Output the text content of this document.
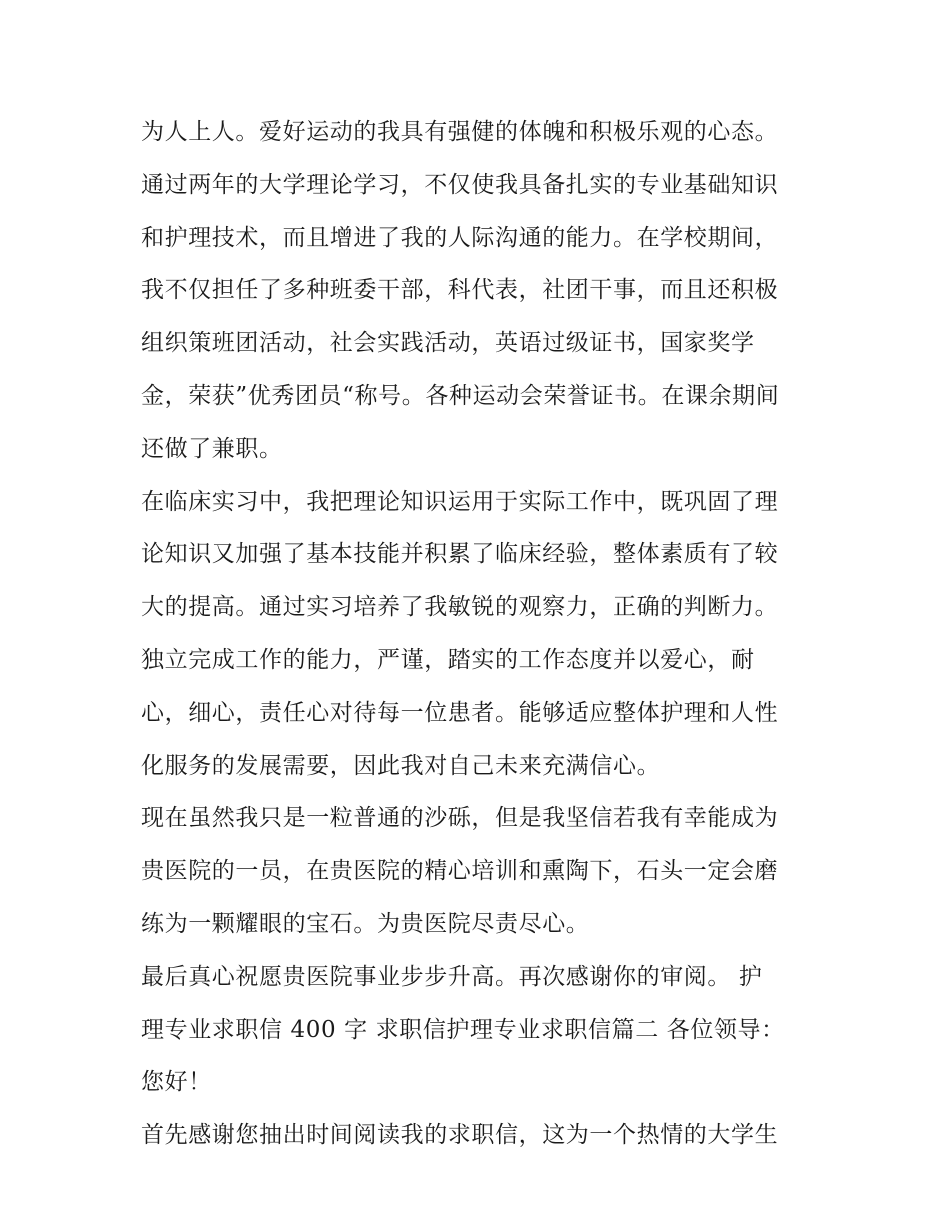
为人上人。爱好运动的我具有强健的体魄和积极乐观的心态。
通过两年的大学理论学习，不仅使我具备扎实的专业基础知识
和护理技术，而且增进了我的人际沟通的能力。在学校期间，
我不仅担任了多种班委干部，科代表，社团干事，而且还积极
组织策班团活动，社会实践活动，英语过级证书，国家奖学
金，荣获”优秀团员“称号。各种运动会荣誉证书。在课余期间
还做了兼职。
在临床实习中，我把理论知识运用于实际工作中，既巩固了理
论知识又加强了基本技能并积累了临床经验，整体素质有了较
大的提高。通过实习培养了我敏锐的观察力，正确的判断力。
独立完成工作的能力，严谨，踏实的工作态度并以爱心，耐
心，细心，责任心对待每一位患者。能够适应整体护理和人性
化服务的发展需要，因此我对自己未来充满信心。
现在虽然我只是一粒普通的沙砾，但是我坚信若我有幸能成为
贵医院的一员，在贵医院的精心培训和熏陶下，石头一定会磨
练为一颗耀眼的宝石。为贵医院尽责尽心。
最后真心祝愿贵医院事业步步升高。再次感谢你的审阅。 护
理专业求职信 400 字 求职信护理专业求职信篇二 各位领导：
您好！
首先感谢您抽出时间阅读我的求职信，这为一个热情的大学生
